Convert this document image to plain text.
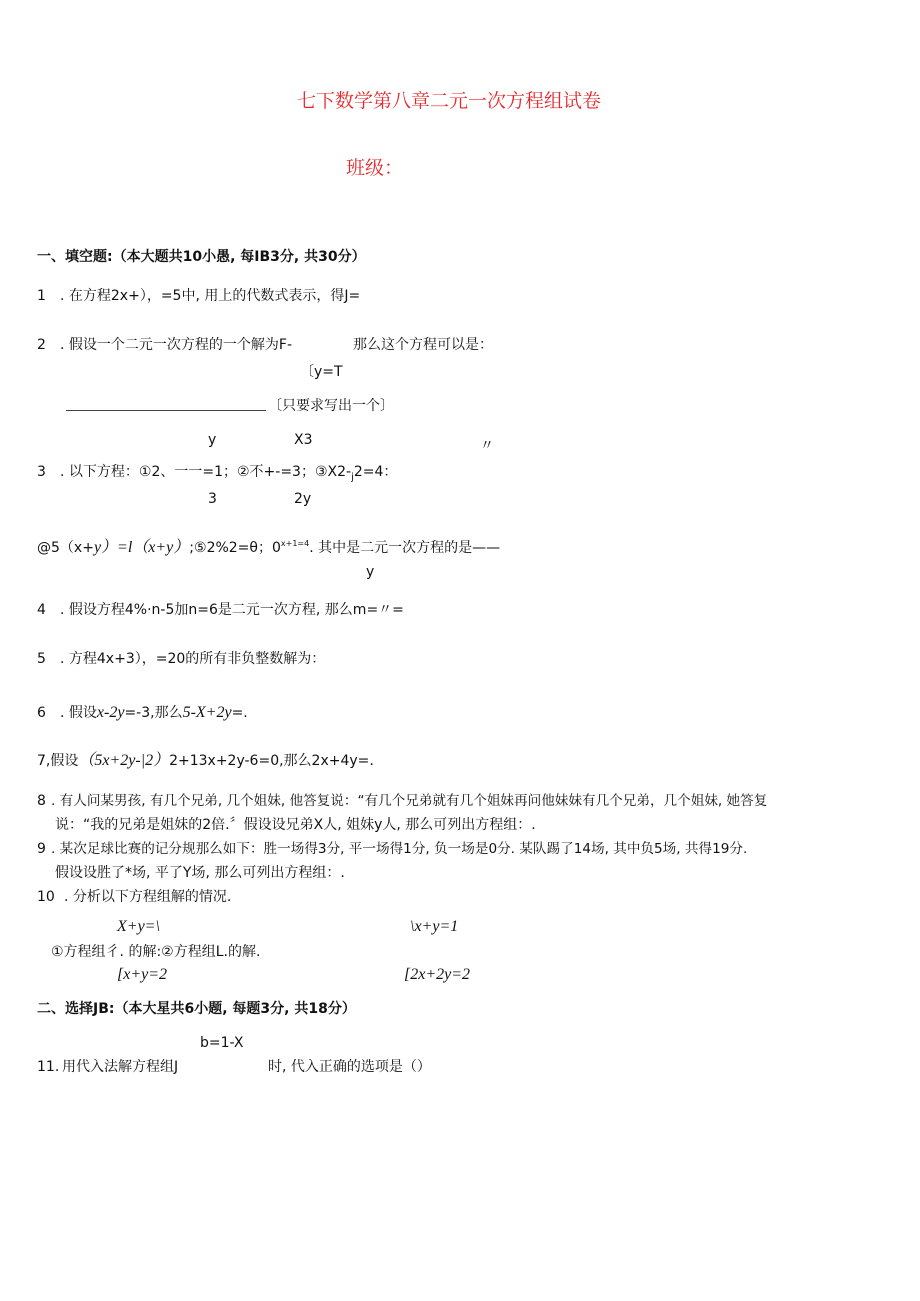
七下数学第八章二元一次方程组试卷
班级：
一、填空题:（本大题共10小愚, 每IB3分, 共30分）
1 . 在方程2x+），=5中, 用上的代数式表示，得J=
2 . 假设一个二元一次方程的一个解为F-	那么这个方程可以是：
〔y=T
〔只要求写出一个〕
y	X3	〃
3 . 以下方程：①2、一一=1；②不+-=3；$③X2-_j2=4$：
3	2y
@5（x+y）=l（x+y）;⑤2%2=θ；$0^{x+1=4}$. 其中是二元一次方程的是——
y
4 . 假设方程4%·n-5加n=6是二元一次方程, 那么m=〃=
5 . 方程4x+3），=20的所有非负整数解为：
6 . 假设x-2y=-3,那么5-X+2y=.
7,假设（5x+2y-|2）2+13x+2y-6=0,那么2x+4y=.
8 . 有人问某男孩, 有几个兄弟, 几个姐妹, 他答复说：“有几个兄弟就有几个姐妹再问他妹妹有几个兄弟，几个姐妹, 她答复
说：“我的兄弟是姐妹的2倍.〞假设设兄弟X人, 姐妹y人, 那么可列出方程组：.
9 . 某次足球比赛的记分规那么如下：胜一场得3分, 平一场得1分, 负一场是0分. 某队踢了14场, 其中负5场, 共得19分.
假设设胜了*场, 平了Y场, 那么可列出方程组：.
10 . 分析以下方程组解的情况.
X+y=\	\x+y=1
①方程组彳. 的解:②方程组L.的解.
[x+y=2	[2x+2y=2
二、选择JB:（本大星共6小题, 每题3分, 共18分）
b=1-X
11. 用代入法解方程组J	时, 代入正确的选项是（）
